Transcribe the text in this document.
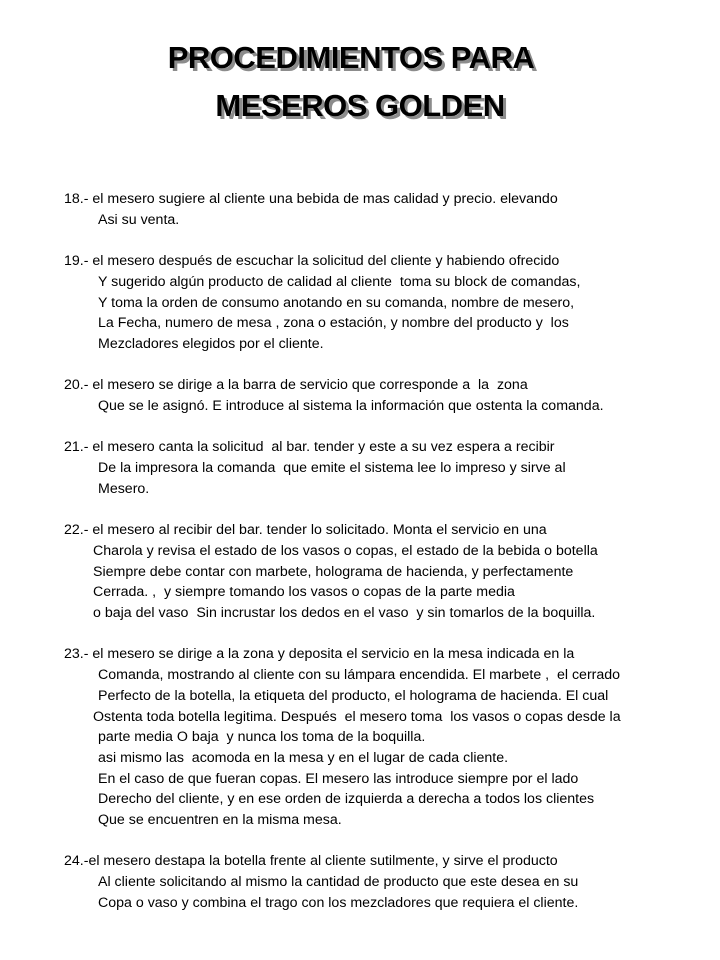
PROCEDIMIENTOS PARA
MESEROS GOLDEN
18.- el mesero sugiere al cliente una bebida de mas calidad y precio. elevando
Asi su venta.
19.- el mesero después de escuchar la solicitud del cliente y habiendo ofrecido
Y sugerido algún producto de calidad al cliente  toma su block de comandas,
Y toma la orden de consumo anotando en su comanda, nombre de mesero,
La Fecha, numero de mesa , zona o estación, y nombre del producto y  los
Mezcladores elegidos por el cliente.
20.- el mesero se dirige a la barra de servicio que corresponde a  la  zona
Que se le asignó. E introduce al sistema la información que ostenta la comanda.
21.- el mesero canta la solicitud  al bar. tender y este a su vez espera a recibir
De la impresora la comanda  que emite el sistema lee lo impreso y sirve al
Mesero.
22.- el mesero al recibir del bar. tender lo solicitado. Monta el servicio en una
Charola y revisa el estado de los vasos o copas, el estado de la bebida o botella
Siempre debe contar con marbete, holograma de hacienda, y perfectamente
Cerrada. ,  y siempre tomando los vasos o copas de la parte media
o baja del vaso  Sin incrustar los dedos en el vaso  y sin tomarlos de la boquilla.
23.- el mesero se dirige a la zona y deposita el servicio en la mesa indicada en la
Comanda, mostrando al cliente con su lámpara encendida. El marbete ,  el cerrado
Perfecto de la botella, la etiqueta del producto, el holograma de hacienda. El cual
Ostenta toda botella legitima. Después  el mesero toma  los vasos o copas desde la
parte media O baja  y nunca los toma de la boquilla.
asi mismo las  acomoda en la mesa y en el lugar de cada cliente.
En el caso de que fueran copas. El mesero las introduce siempre por el lado
Derecho del cliente, y en ese orden de izquierda a derecha a todos los clientes
Que se encuentren en la misma mesa.
24.-el mesero destapa la botella frente al cliente sutilmente, y sirve el producto
Al cliente solicitando al mismo la cantidad de producto que este desea en su
Copa o vaso y combina el trago con los mezcladores que requiera el cliente.
